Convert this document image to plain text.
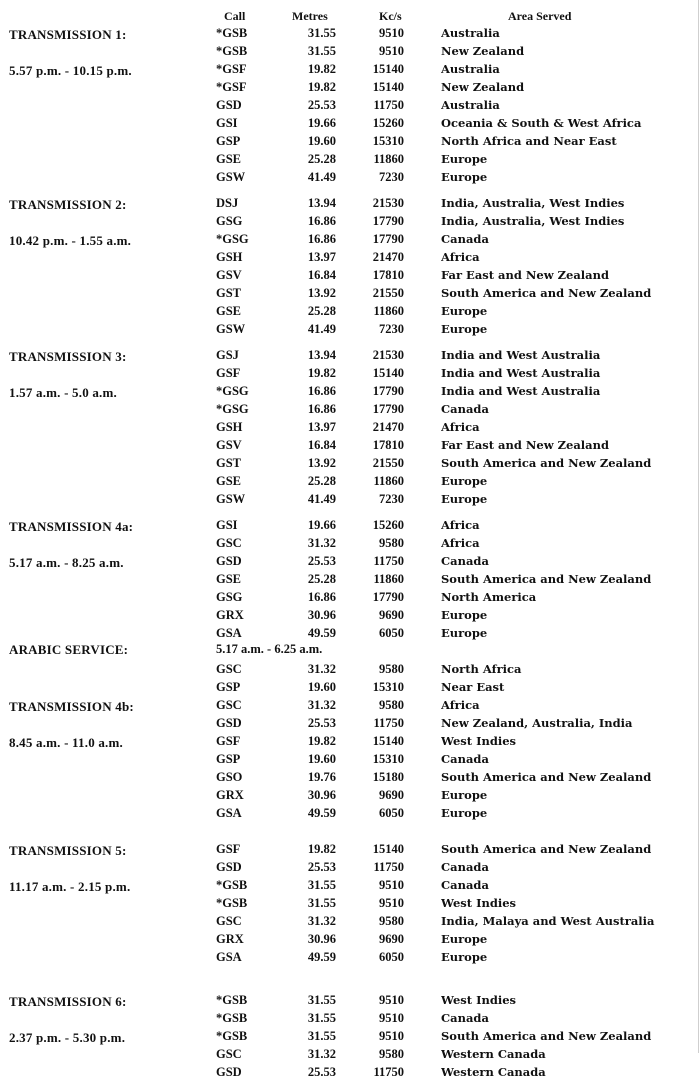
Call	Metres	Kc/s	Area Served
TRANSMISSION 1:
5.57 p.m. - 10.15 p.m.
*GSB	31.55	9510	Australia
*GSB	31.55	9510	New Zealand
*GSF	19.82	15140	Australia
*GSF	19.82	15140	New Zealand
GSD	25.53	11750	Australia
GSI	19.66	15260	Oceania & South & West Africa
GSP	19.60	15310	North Africa and Near East
GSE	25.28	11860	Europe
GSW	41.49	7230	Europe
TRANSMISSION 2:
10.42 p.m. - 1.55 a.m.
DSJ	13.94	21530	India, Australia, West Indies
GSG	16.86	17790	India, Australia, West Indies
*GSG	16.86	17790	Canada
GSH	13.97	21470	Africa
GSV	16.84	17810	Far East and New Zealand
GST	13.92	21550	South America and New Zealand
GSE	25.28	11860	Europe
GSW	41.49	7230	Europe
TRANSMISSION 3:
1.57 a.m. - 5.0 a.m.
GSJ	13.94	21530	India and West Australia
GSF	19.82	15140	India and West Australia
*GSG	16.86	17790	India and West Australia
*GSG	16.86	17790	Canada
GSH	13.97	21470	Africa
GSV	16.84	17810	Far East and New Zealand
GST	13.92	21550	South America and New Zealand
GSE	25.28	11860	Europe
GSW	41.49	7230	Europe
TRANSMISSION 4a:
5.17 a.m. - 8.25 a.m.
GSI	19.66	15260	Africa
GSC	31.32	9580	Africa
GSD	25.53	11750	Canada
GSE	25.28	11860	South America and New Zealand
GSG	16.86	17790	North America
GRX	30.96	9690	Europe
GSA	49.59	6050	Europe
ARABIC SERVICE:	5.17 a.m. - 6.25 a.m.
GSC	31.32	9580	North Africa
GSP	19.60	15310	Near East
TRANSMISSION 4b:
8.45 a.m. - 11.0 a.m.
GSC	31.32	9580	Africa
GSD	25.53	11750	New Zealand, Australia, India
GSF	19.82	15140	West Indies
GSP	19.60	15310	Canada
GSO	19.76	15180	South America and New Zealand
GRX	30.96	9690	Europe
GSA	49.59	6050	Europe
TRANSMISSION 5:
11.17 a.m. - 2.15 p.m.
GSF	19.82	15140	South America and New Zealand
GSD	25.53	11750	Canada
*GSB	31.55	9510	Canada
*GSB	31.55	9510	West Indies
GSC	31.32	9580	India, Malaya and West Australia
GRX	30.96	9690	Europe
GSA	49.59	6050	Europe
TRANSMISSION 6:
2.37 p.m. - 5.30 p.m.
*GSB	31.55	9510	West Indies
*GSB	31.55	9510	Canada
*GSB	31.55	9510	South America and New Zealand
GSC	31.32	9580	Western Canada
GSD	25.53	11750	Western Canada
